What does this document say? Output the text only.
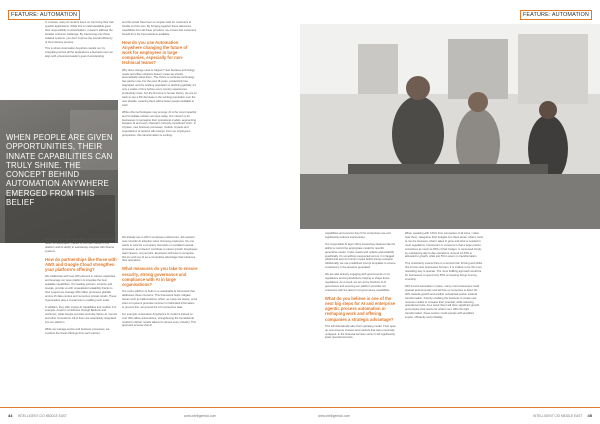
FEATURE: AUTOMATION

In contrast, many AI vendors focus on improving their own specific applications. While this is understandable given their responsibility to shareholders, it doesn't address the broader customer challenge. By intervening only those isolated systems, you don't improve the overall efficiency of the business process.

This is where Automation Anywhere stands out: by integrating across all the applications a business user we align with a business leader's goal of accelerating

and this would have been a complex task for customers to handle on their own. By bringing together these advanced capabilities from all these providers, we ensure that customers benefit from the best solutions available.

How do you use Automation Anywhere changing the future of work for employees in large companies, especially for non-technical teams?

Why does change need to happen? Just because technology needs and office solutions doesn't mean we should automatically adopt them. The choice to embrace technology has partner one. For the past 18 years, productivity has stagnated, and the working population is declining globally. It's only a matter of time before every country experiences productivity crisis. For the first time in human history, we are on track to see a 5% decrease in the working population over the next decade, meaning there will be fewer people available to work.

While other technologies may emerge, AI is the most impactful and immediate solution we have today. Our mission is for businesses to reimagine their operational models, augmenting between AI and every channel's currently considered 'work'. In AI place, new business processes, models, impacts and expectations of workers will emerge. From an employee's perspective, this transformation is exciting.

WHEN PEOPLE ARE GIVEN OPPORTUNITIES, THEIR INNATE CAPABILITIES CAN TRULY SHINE. THE CONCEPT BEHIND AUTOMATION ANYWHERE EMERGED FROM THIS BELIEF

operations. This approach enables us to deliver a new kind of return on automation, thanks to the open nature of our platform and its ability to seamlessly integrate with diverse systems.

How do partnerships like those with AWS and Google Cloud strengthen your platform's offering?

We collaborate with over 200 partners in various capacities and leverage our open platform to integrate the best available capabilities. Our leading partners, Amazon and Google, provide us with unparalleled scalability thanks to their support we manage 300 million processes globally across 16 data centres and numerous private clouds. These hyperscalers play a crucial role in enabling such scale.

In addition, they offer unique AI capabilities and models. For example, Amazon contributes through Bedrock and Anthropic, while Google provides tools like Vertex AI, Gemini and other innovations. All of them are seamlessly integrated into our platform.

While we manage end-to-end business processes, we combine the finest offerings from each partner

We already see a shift in employee preferences. Job seekers now consider AI adoption when choosing employers. No one wants to work for a company that relies on outdated manual processes, as it doesn't contribute to career growth. Employees want careers, not just jobs. Employers will have to recognise this too and use AI as a competitive advantage that enhances their operations.

What measures do you take to ensure security, strong governance and compliance with AI in large organisations?

Our entire platform is built on a sustainable AI framework that addresses these concerns. This framework helps mitigate issues such as hallucinations, which, as many are aware, occur when AI systems generate incorrect or fabricated information, to prevent this, we ground the AI in enterprise data.

For example, Automation Anywhere's AI model is trained on over 300 million automations, strengthening the foundational models to deliver results tailored to almost every industry. This approach ensures that AI

44 INTELLIGENT CIO MIDDLE EAST	www.intelligentcio.com
FEATURE: AUTOMATION

capabilities and ensures they fit for enterprises use and significantly reduces inaccuracies.

Our responsible AI layer offers several key features like the ability to restrict the appropriate model for specific generative needs. It also masks and redacts and establish specifically. It's something unexpected occurs, it is flagged. Added and sent for human review before being reviewed. Additionally, we use predefined prompt templates to ensure consistency in the answers generated.

We are also actively engaging with governments on AI regulations across jurisdictions helping to shape these regulations. As a result, we are at the forefront of AI governance and ensuring our platform provides our customers with the latest in AI governance capabilities.

What do you believe is one of the next big steps for AI and enterprise agentic process automation in reshaping work and offering companies a strategic advantage?

This will dramatically alter their operating model. Their open up new revenue streams and markets that were previously untapped. In the financial services sector it will significantly lower operational costs.

When speaking with CXOs from companies of all sizes, I often hear them, categorise their budgets into three areas: what it costs to run the business, what it takes to grow and what is needed to meet regulations. Intervention in concerns is that a large portion, sometimes as much as 80% of their budget, is consumed simply by maintaining day-to-day operations. Around 10-15% is allocated to growth, while just 5% is spent on transformation.

This uncertainty means there is a survival risk: thriving and whilst this is how most businesses function, it is unlikely to be the most rewarding way to operate. The more fulfilling approach would be for businesses to spend only 50% on keeping things running smoothly.

With AI and automation in place, many more businesses could operate autonomously and will free up resources to direct 30-40% towards growth and another substantial portion towards transformation, thereby enabling the business to create new revenue models to increase their potential, while reducing operational costs. As a result that it will drive significant growth and prepare their teams for what's next. With the right transformation, these sectors could operate with amplified impact, efficiently and profitably.

www.intelligentcio.com	INTELLIGENT CIO MIDDLE EAST 45
